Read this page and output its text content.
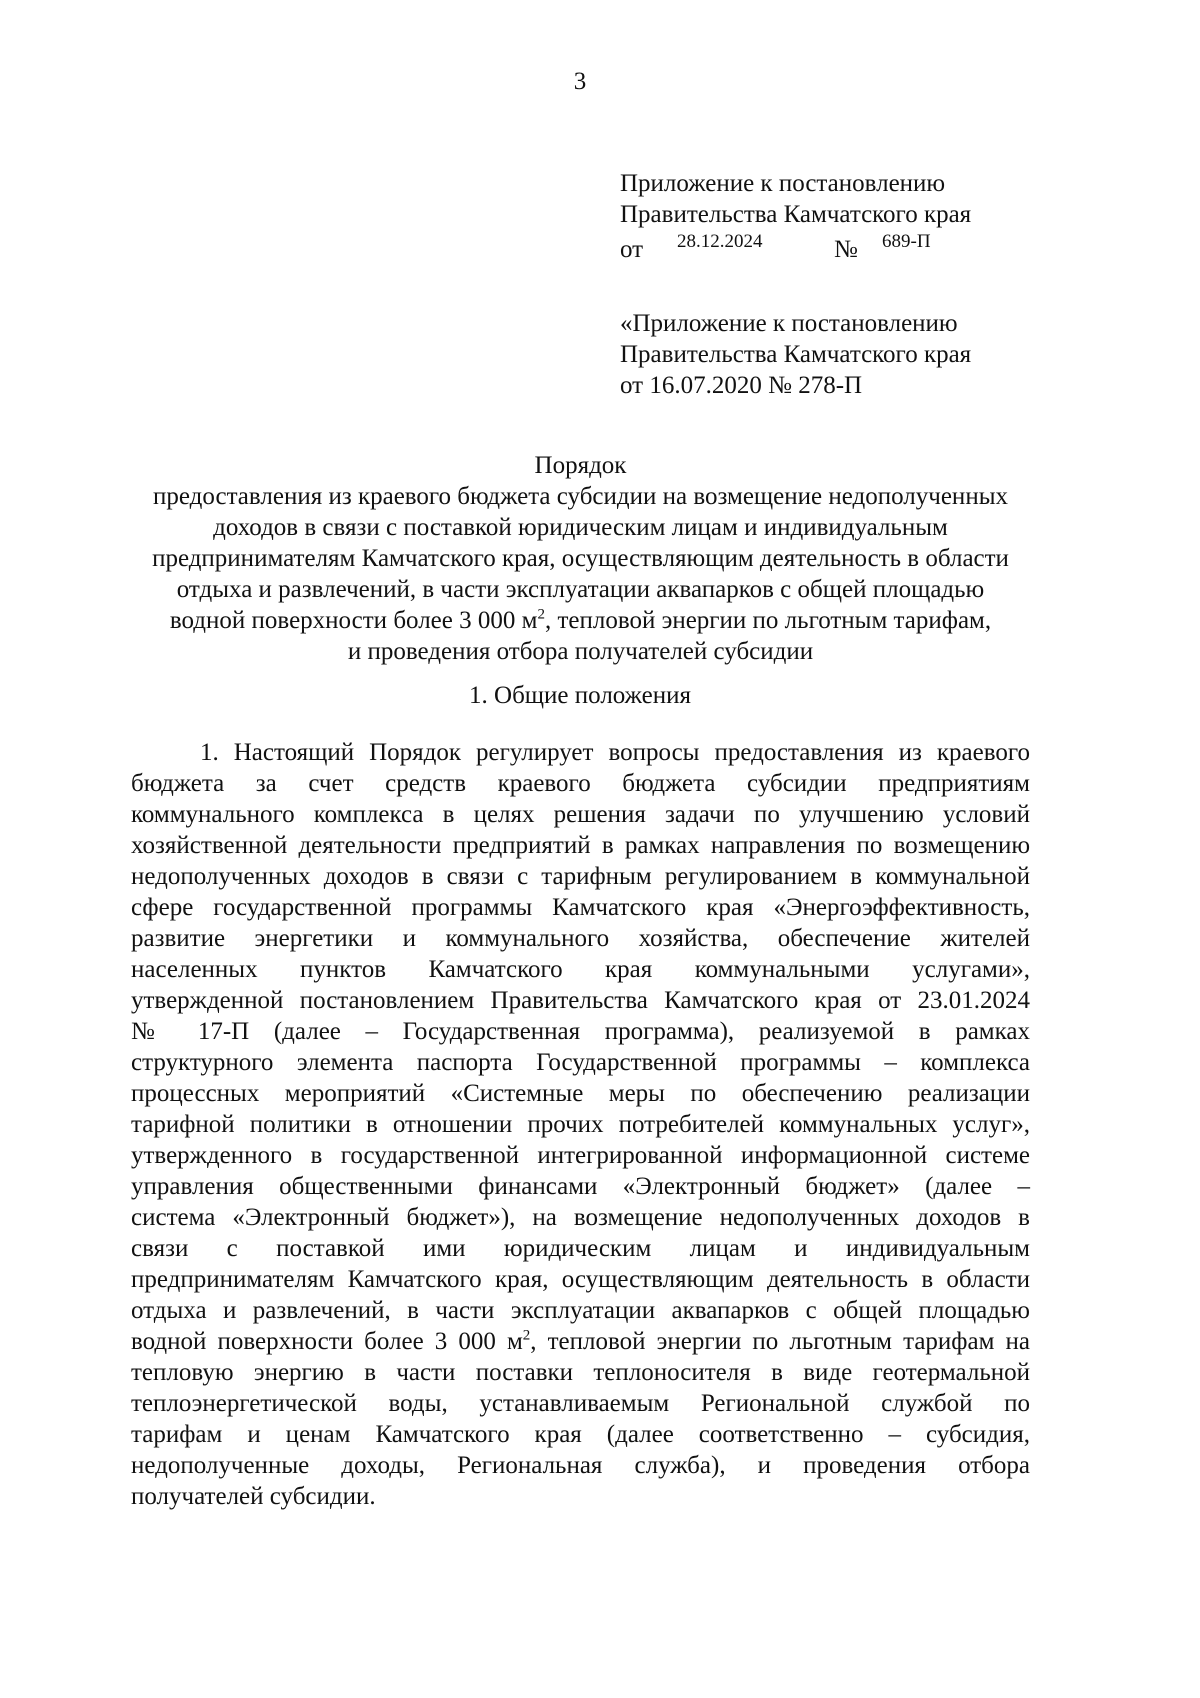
3
Приложение к постановлению
Правительства Камчатского края
от 28.12.2024	№ 689-П
«Приложение к постановлению
Правительства Камчатского края
от 16.07.2020 № 278-П
Порядок
предоставления из краевого бюджета субсидии на возмещение недополученных
доходов в связи с поставкой юридическим лицам и индивидуальным
предпринимателям Камчатского края, осуществляющим деятельность в области
отдыха и развлечений, в части эксплуатации аквапарков с общей площадью
водной поверхности более 3 000 $м^2$, тепловой энергии по льготным тарифам,
и проведения отбора получателей субсидии
1. Общие положения
1. Настоящий Порядок регулирует вопросы предоставления из краевого
бюджета за счет средств краевого бюджета субсидии предприятиям
коммунального комплекса в целях решения задачи по улучшению условий
хозяйственной деятельности предприятий в рамках направления по возмещению
недополученных доходов в связи с тарифным регулированием в коммунальной
сфере государственной программы Камчатского края «Энергоэффективность,
развитие энергетики и коммунального хозяйства, обеспечение жителей
населенных пунктов Камчатского края коммунальными услугами»,
утвержденной постановлением Правительства Камчатского края от 23.01.2024
№ 17-П (далее – Государственная программа), реализуемой в рамках
структурного элемента паспорта Государственной программы – комплекса
процессных мероприятий «Системные меры по обеспечению реализации
тарифной политики в отношении прочих потребителей коммунальных услуг»,
утвержденного в государственной интегрированной информационной системе
управления общественными финансами «Электронный бюджет» (далее –
система «Электронный бюджет»), на возмещение недополученных доходов в
связи с поставкой ими юридическим лицам и индивидуальным
предпринимателям Камчатского края, осуществляющим деятельность в области
отдыха и развлечений, в части эксплуатации аквапарков с общей площадью
водной поверхности более 3 000 $м^2$, тепловой энергии по льготным тарифам на
тепловую энергию в части поставки теплоносителя в виде геотермальной
теплоэнергетической воды, устанавливаемым Региональной службой по
тарифам и ценам Камчатского края (далее соответственно – субсидия,
недополученные доходы, Региональная служба), и проведения отбора
получателей субсидии.
